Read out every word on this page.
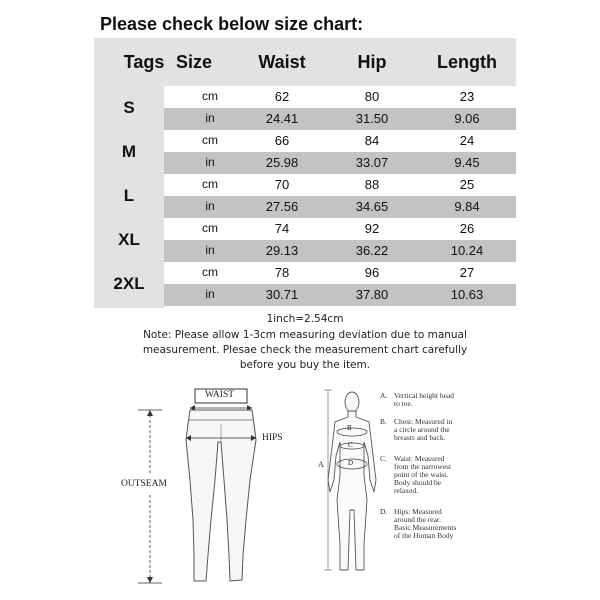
Please check below size chart:
Tags Size	Waist	Hip	Length
S
cm	62	80	23
in	24.41	31.50	9.06
M
cm	66	84	24
in	25.98	33.07	9.45
L
cm	70	88	25
in	27.56	34.65	9.84
XL
cm	74	92	26
in	29.13	36.22	10.24
2XL
cm	78	96	27
in	30.71	37.80	10.63
1inch=2.54cm
Note: Please allow 1-3cm measuring deviation due to manual
measurement. Plesae check the measurement chart carefully
before you buy the item.
WAIST
HIPS
OUTSEAM
A
B
C
D
A. Vertical height head
to toe.
B. Chest: Measured in
a circle around the
breasts and back.
C. Waist: Measured
from the narrowest
point of the waist.
Body should be
relaxed.
D. Hips: Measured
around the rear.
Basic Measurements
of the Human Body
